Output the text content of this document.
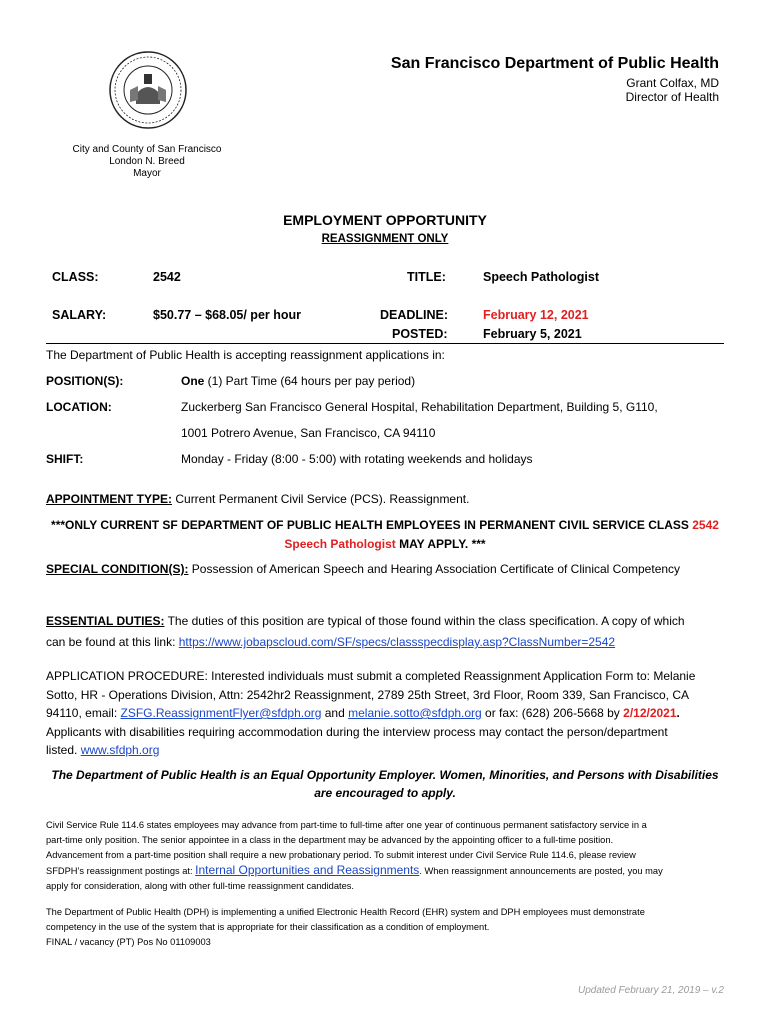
San Francisco Department of Public Health
Grant Colfax, MD
Director of Health
City and County of San Francisco
London N. Breed
Mayor
EMPLOYMENT OPPORTUNITY
REASSIGNMENT ONLY
CLASS:	2542	TITLE:	Speech Pathologist
SALARY:	$50.77 – $68.05/ per hour	DEADLINE:	February 12, 2021
POSTED:	February 5, 2021
The Department of Public Health is accepting reassignment applications in:
POSITION(S):	One (1) Part Time (64 hours per pay period)
LOCATION:	Zuckerberg San Francisco General Hospital, Rehabilitation Department, Building 5, G110,
1001 Potrero Avenue, San Francisco, CA 94110
SHIFT:	Monday - Friday (8:00 - 5:00) with rotating weekends and holidays
APPOINTMENT TYPE: Current Permanent Civil Service (PCS). Reassignment.
***ONLY CURRENT SF DEPARTMENT OF PUBLIC HEALTH EMPLOYEES IN PERMANENT CIVIL SERVICE CLASS 2542
Speech Pathologist MAY APPLY. ***
SPECIAL CONDITION(S): Possession of American Speech and Hearing Association Certificate of Clinical Competency
ESSENTIAL DUTIES: The duties of this position are typical of those found within the class specification. A copy of which
can be found at this link: https://www.jobapscloud.com/SF/specs/classspecdisplay.asp?ClassNumber=2542
APPLICATION PROCEDURE: Interested individuals must submit a completed Reassignment Application Form to: Melanie
Sotto, HR - Operations Division, Attn: 2542hr2 Reassignment, 2789 25th Street, 3rd Floor, Room 339, San Francisco, CA
94110, email: ZSFG.ReassignmentFlyer@sfdph.org and melanie.sotto@sfdph.org or fax: (628) 206-5668 by 2/12/2021.
Applicants with disabilities requiring accommodation during the interview process may contact the person/department
listed. www.sfdph.org
The Department of Public Health is an Equal Opportunity Employer. Women, Minorities, and Persons with Disabilities
are encouraged to apply.
Civil Service Rule 114.6 states employees may advance from part-time to full-time after one year of continuous permanent satisfactory service in a
part-time only position. The senior appointee in a class in the department may be advanced by the appointing officer to a full-time position.
Advancement from a part-time position shall require a new probationary period. To submit interest under Civil Service Rule 114.6, please review
SFDPH’s reassignment postings at: Internal Opportunities and Reassignments. When reassignment announcements are posted, you may
apply for consideration, along with other full-time reassignment candidates.
The Department of Public Health (DPH) is implementing a unified Electronic Health Record (EHR) system and DPH employees must demonstrate
competency in the use of the system that is appropriate for their classification as a condition of employment.
FINAL / vacancy (PT) Pos No 01109003
Updated February 21, 2019 – v.2
